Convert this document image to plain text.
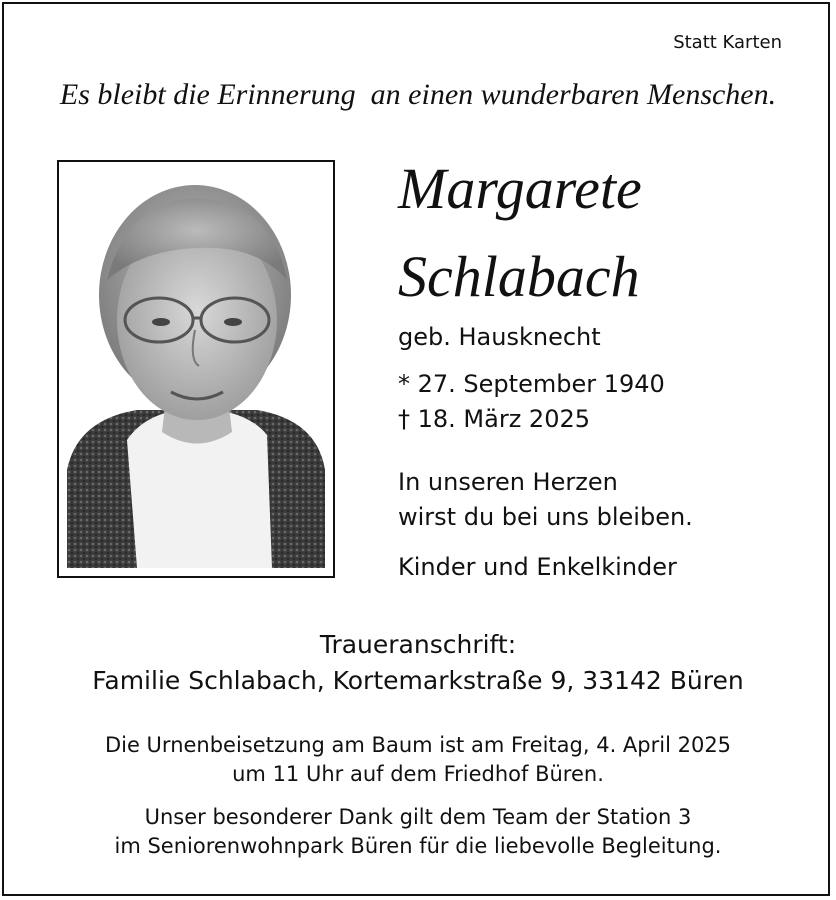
Statt Karten
Es bleibt die Erinnerung  an einen wunderbaren Menschen.
Margarete
Schlabach
geb. Hausknecht
* 27. September 1940
† 18. März 2025
In unseren Herzen
wirst du bei uns bleiben.
Kinder und Enkelkinder
Traueranschrift:
Familie Schlabach, Kortemarkstraße 9, 33142 Büren
Die Urnenbeisetzung am Baum ist am Freitag, 4. April 2025
um 11 Uhr auf dem Friedhof Büren.
Unser besonderer Dank gilt dem Team der Station 3
im Seniorenwohnpark Büren für die liebevolle Begleitung.
